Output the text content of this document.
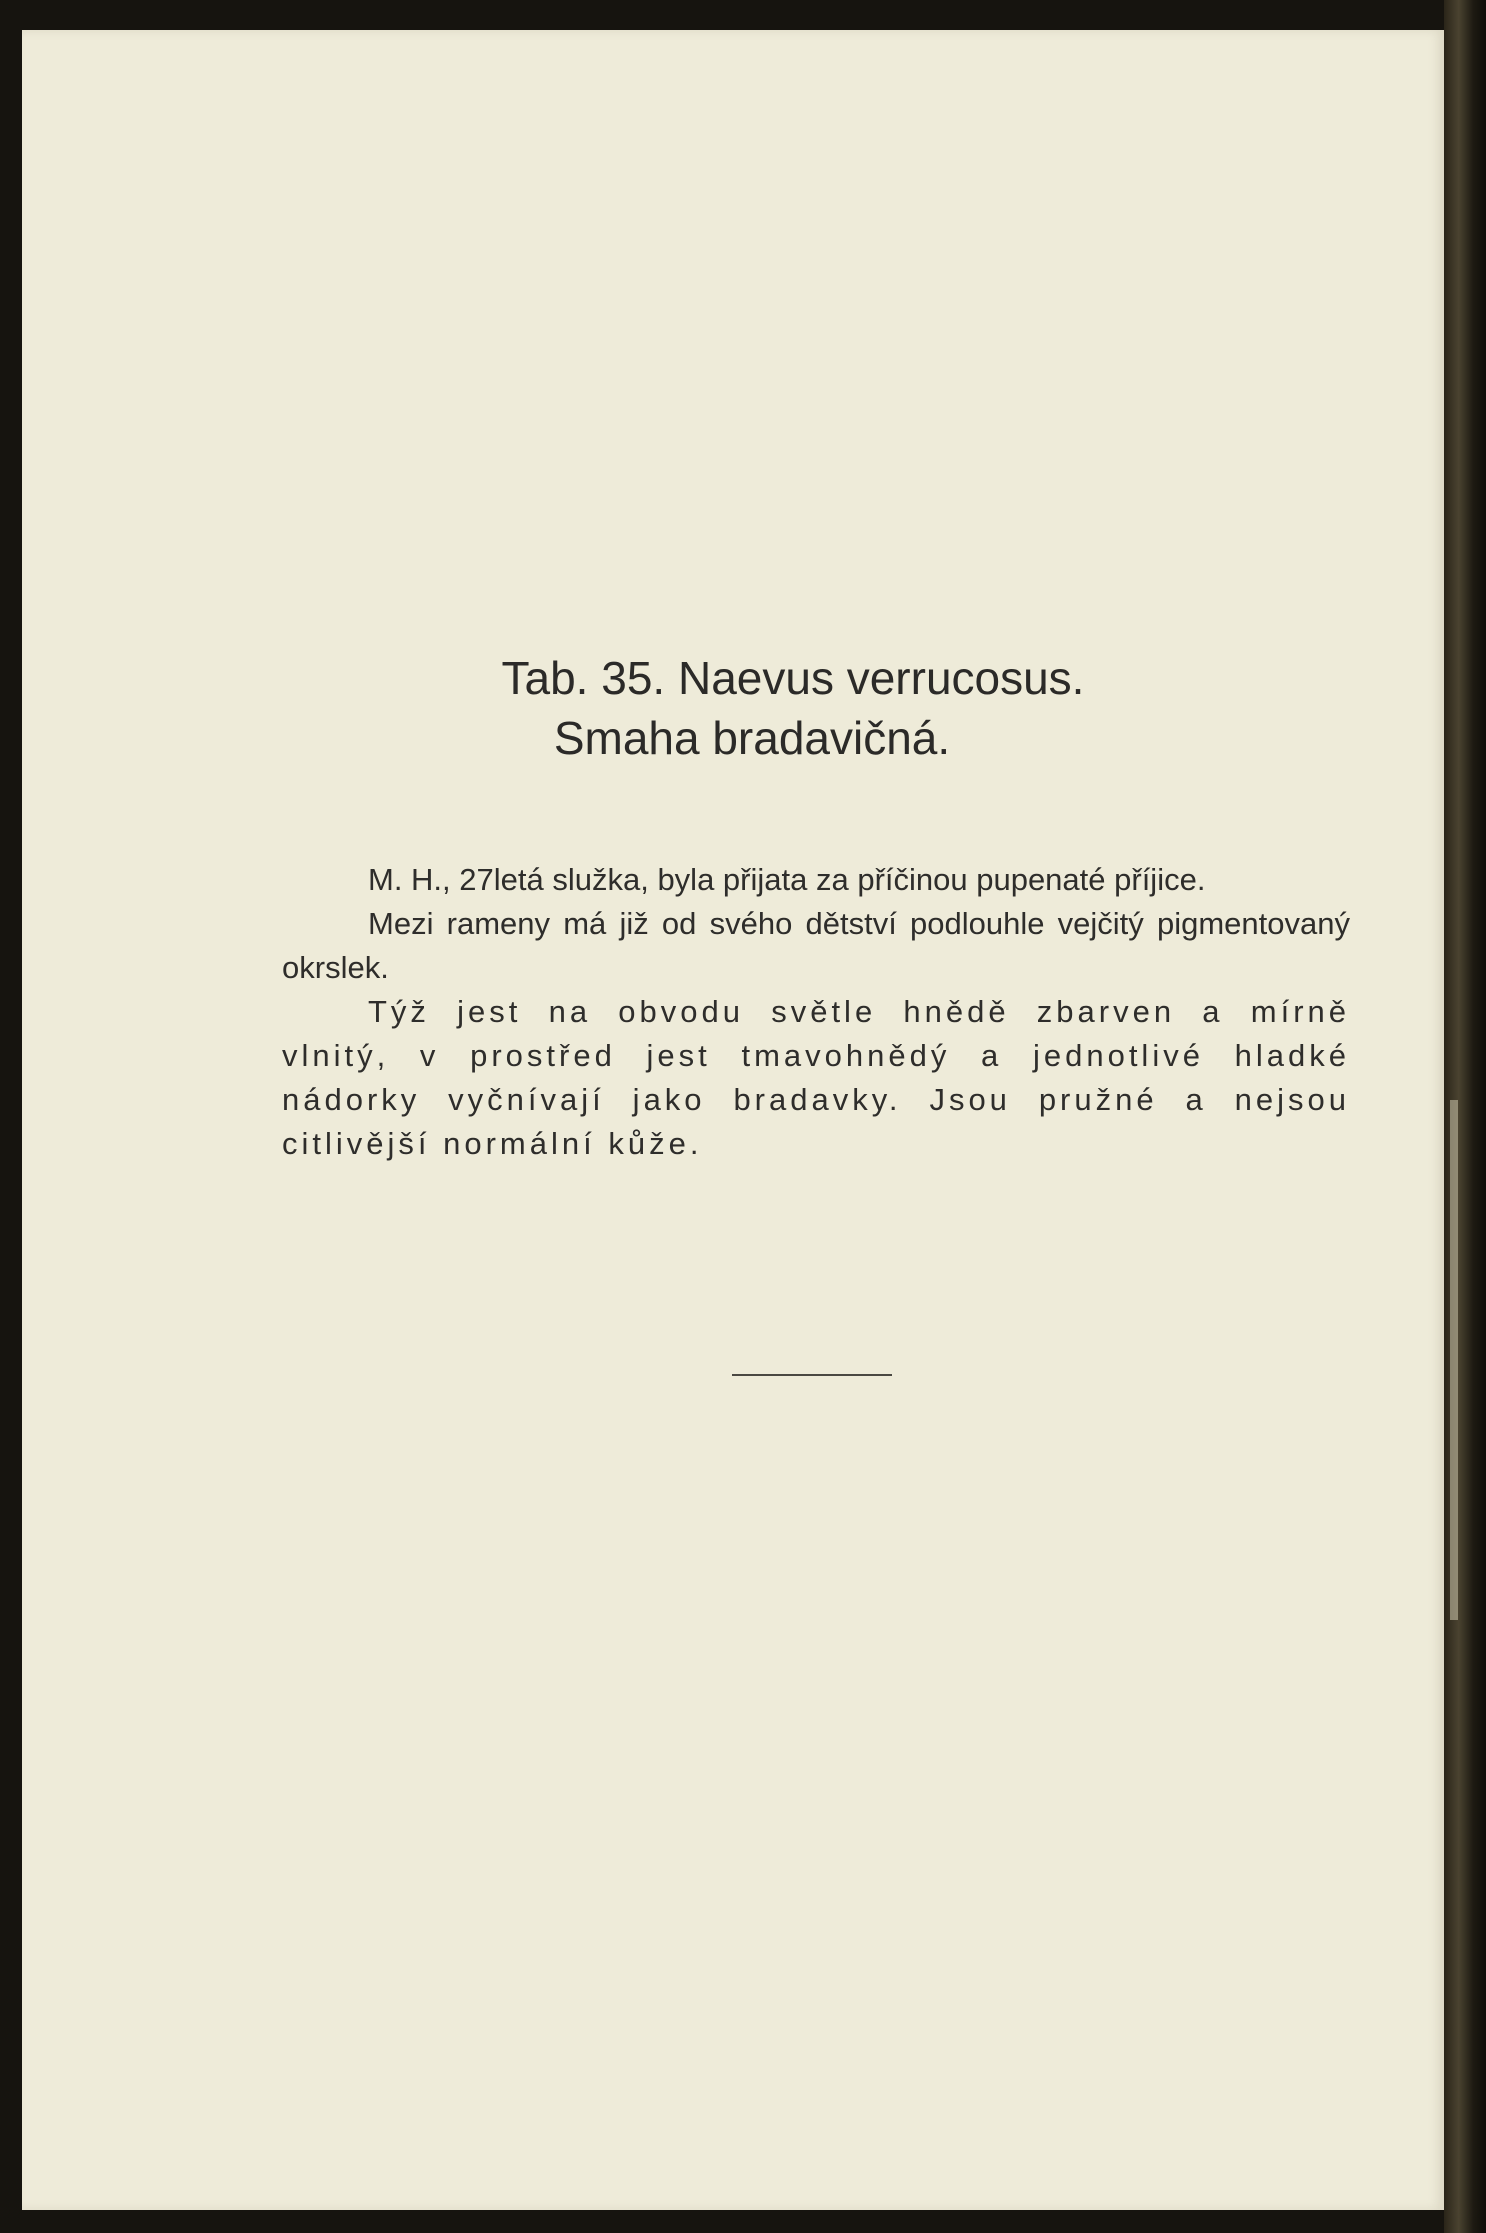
Tab. 35. Naevus verrucosus.
Smaha bradavičná.

M. H., 27letá služka, byla přijata za příčinou pupenaté příjice.

Mezi rameny má již od svého dětství podlouhle vejčitý pigmentovaný okrslek.

Týž jest na obvodu světle hnědě zbarven a mírně vlnitý, v prostřed jest tmavohnědý a jednotlivé hladké nádorky vyčnívají jako bradavky. Jsou pružné a nejsou citlivější normální kůže.
